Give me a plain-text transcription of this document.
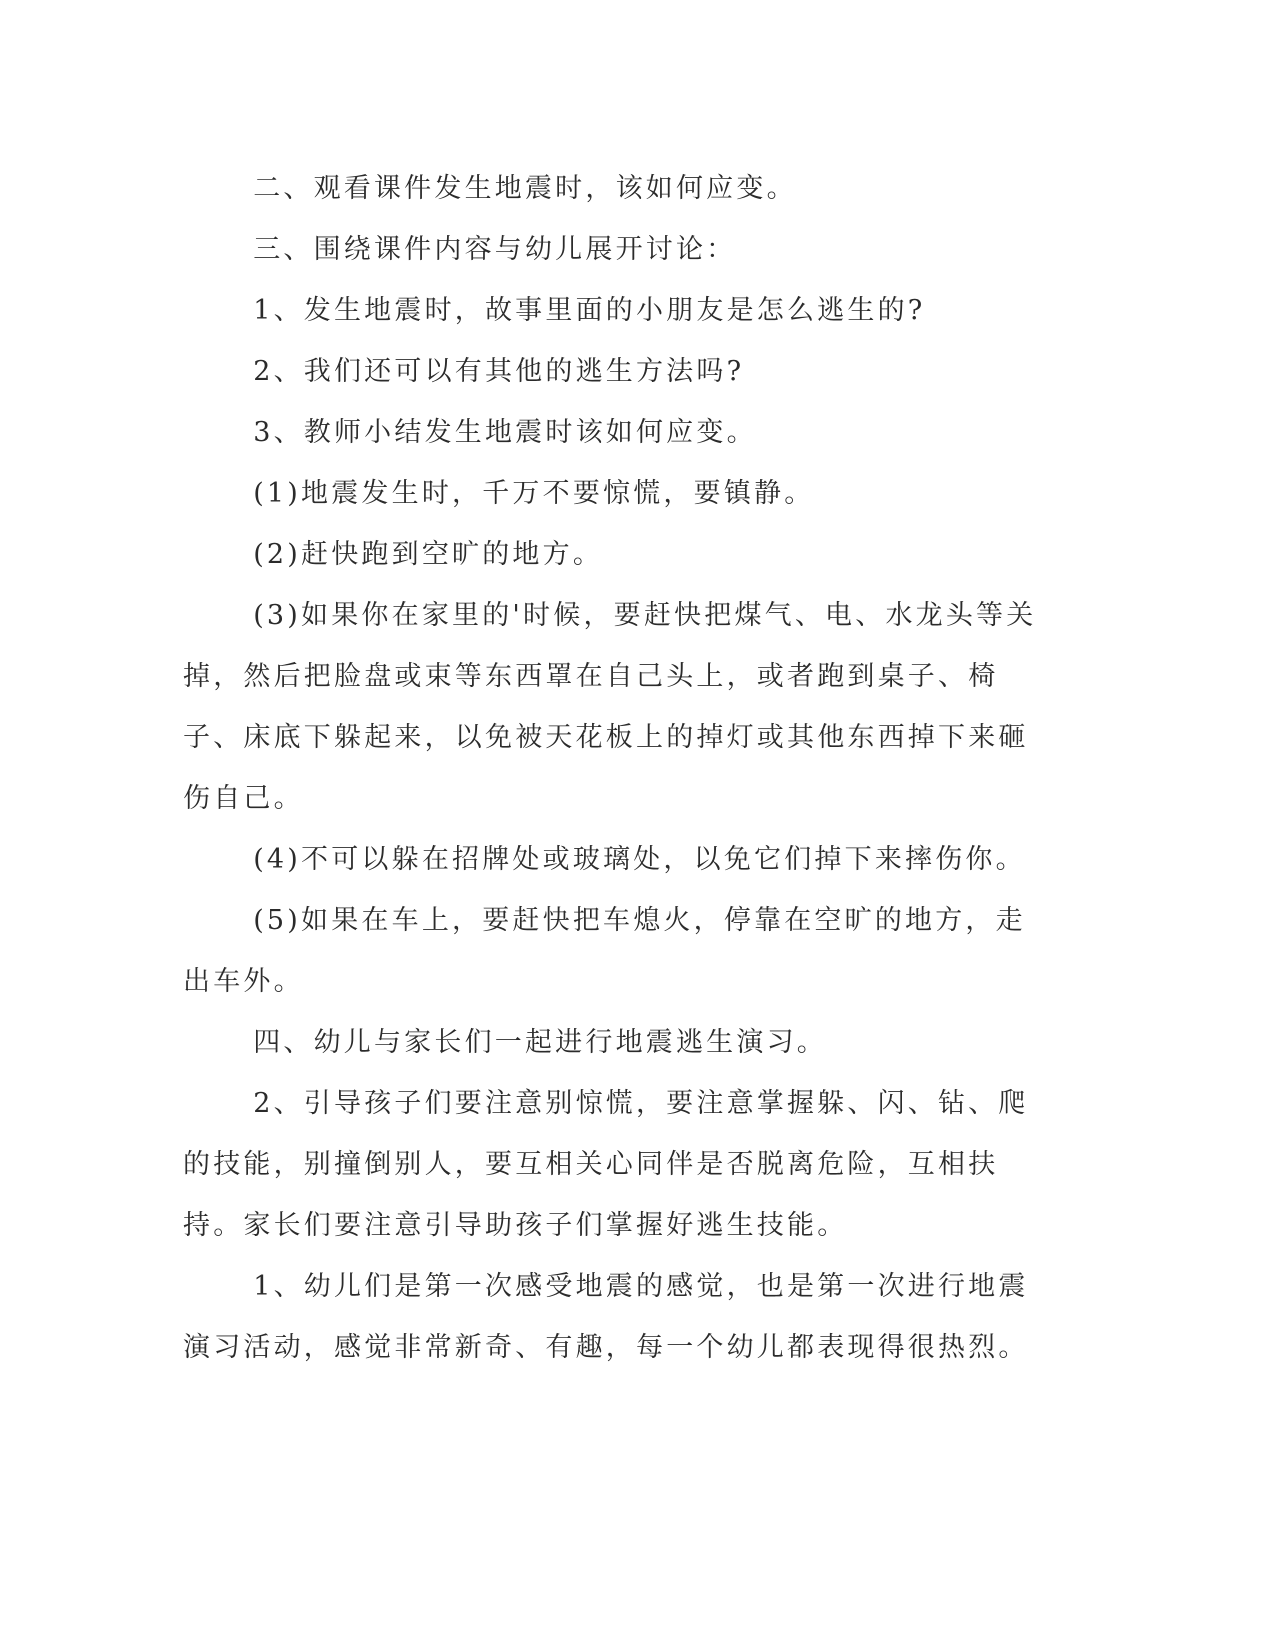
二、观看课件发生地震时，该如何应变。

三、围绕课件内容与幼儿展开讨论：

1、发生地震时，故事里面的小朋友是怎么逃生的?

2、我们还可以有其他的逃生方法吗?

3、教师小结发生地震时该如何应变。

(1)地震发生时，千万不要惊慌，要镇静。

(2)赶快跑到空旷的地方。

(3)如果你在家里的'时候，要赶快把煤气、电、水龙头等关掉，然后把脸盘或束等东西罩在自己头上，或者跑到桌子、椅子、床底下躲起来，以免被天花板上的掉灯或其他东西掉下来砸伤自己。

(4)不可以躲在招牌处或玻璃处，以免它们掉下来摔伤你。

(5)如果在车上，要赶快把车熄火，停靠在空旷的地方，走出车外。

四、幼儿与家长们一起进行地震逃生演习。

2、引导孩子们要注意别惊慌，要注意掌握躲、闪、钻、爬的技能，别撞倒别人，要互相关心同伴是否脱离危险，互相扶持。家长们要注意引导助孩子们掌握好逃生技能。

1、幼儿们是第一次感受地震的感觉，也是第一次进行地震演习活动，感觉非常新奇、有趣，每一个幼儿都表现得很热烈。
